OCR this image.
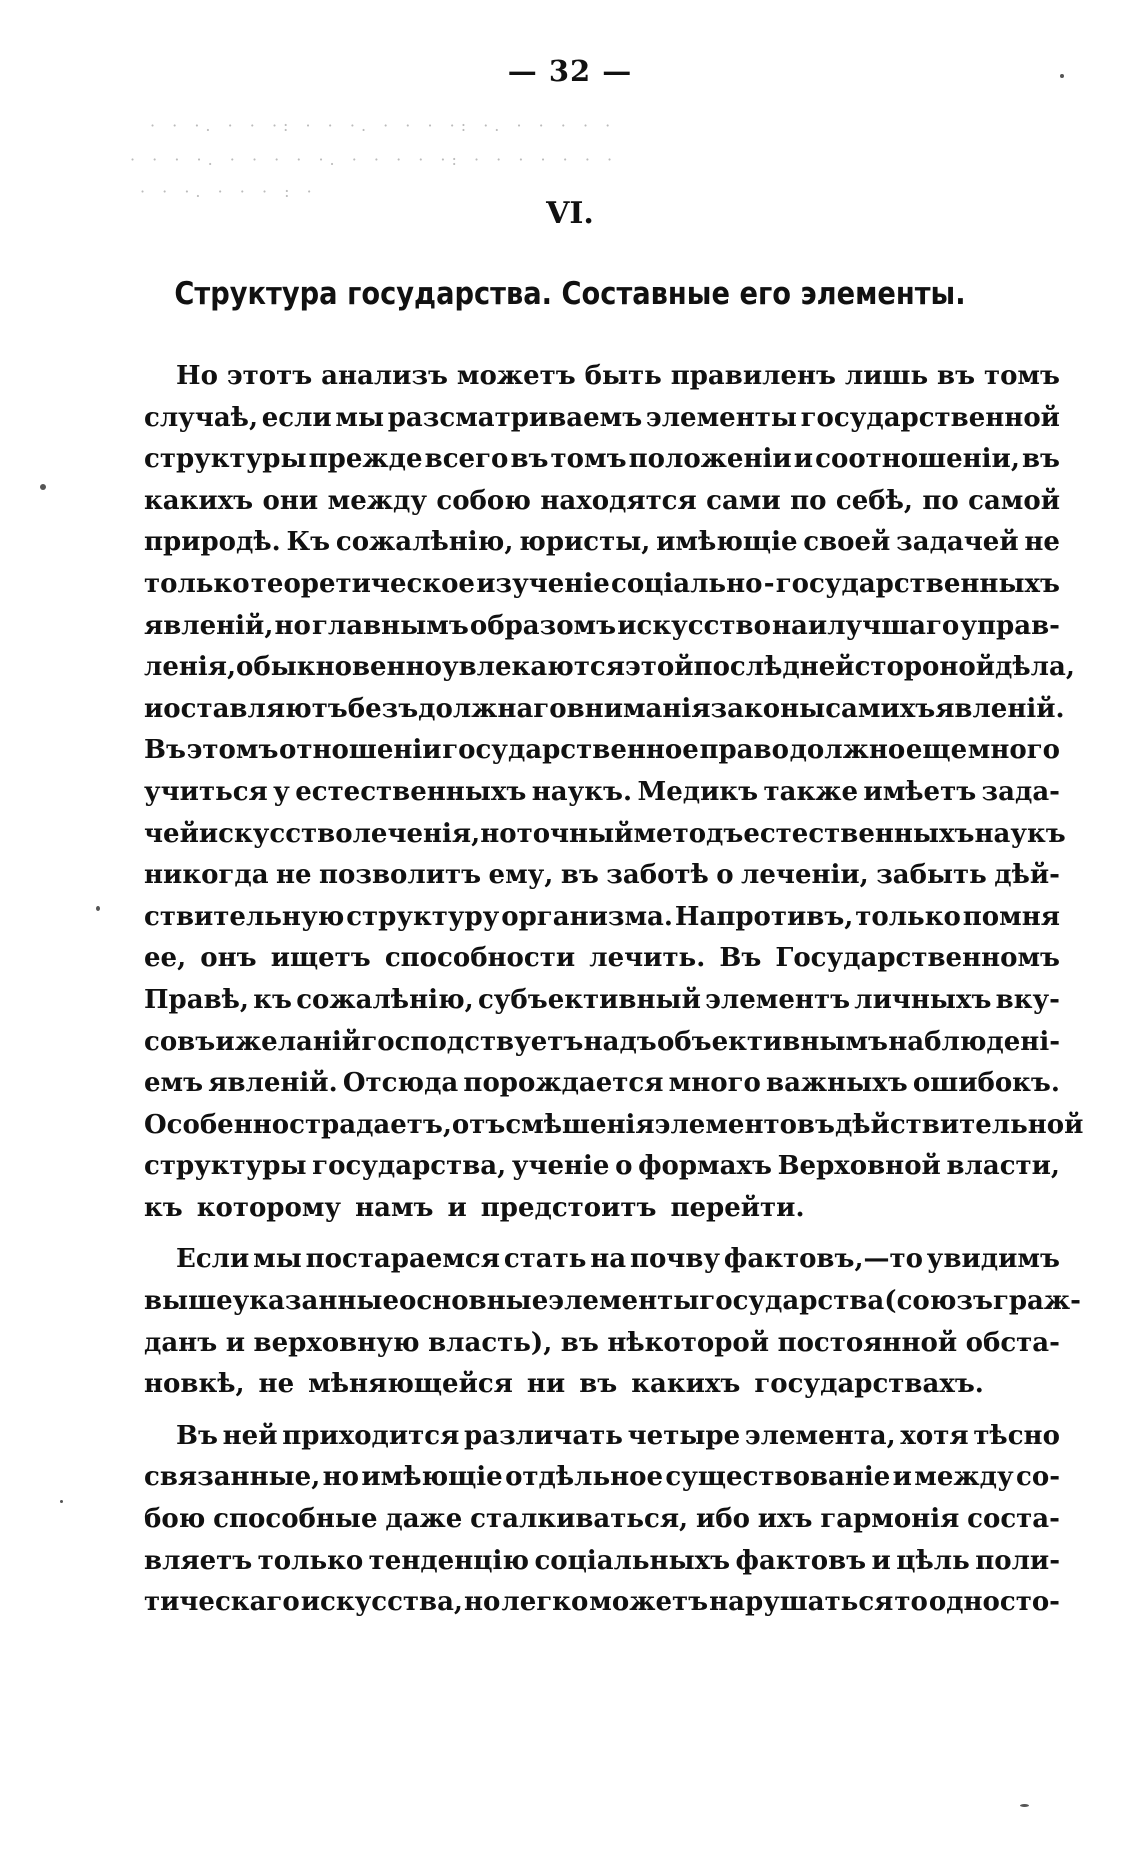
· · ·. · · ·: · · ·. · · · ·: ·. · · · · ·
· · · ·. · · · · ·. · · · · ·: · · · · · · ·
· · ·. · · · : ·
— 32 —
VI.
Структура государства. Составные его элементы.
Но этотъ анализъ можетъ быть правиленъ лишь въ томъ
случаѣ, если мы разсматриваемъ элементы государственной
структуры прежде всего въ томъ положеніи и соотношеніи, въ
какихъ они между собою находятся сами по себѣ, по самой
природѣ. Къ сожалѣнію, юристы, имѣющіе своей задачей не
только теоретическое изученіе соціально - государственныхъ
явленій, но главнымъ образомъ искусство наилучшаго управ-
ленія, обыкновенно увлекаются этой послѣдней стороной дѣла,
и оставляютъ безъ должнаго вниманія законы самихъ явленій.
Въ этомъ отношеніи государственное право должно еще много
учиться у естественныхъ наукъ. Медикъ также имѣетъ зада-
чей искусство леченія, но точный методъ естественныхъ наукъ
никогда не позволитъ ему, въ заботѣ о леченіи, забыть дѣй-
ствительную структуру организма. Напротивъ, только помня
ее, онъ ищетъ способности лечить. Въ Государственномъ
Правѣ, къ сожалѣнію, субъективный элементъ личныхъ вку-
совъ и желаній господствуетъ надъ объективнымъ наблюдені-
емъ явленій. Отсюда порождается много важныхъ ошибокъ.
Особенно страдаетъ, отъ смѣшенія элементовъ дѣйствительной
структуры государства, ученіе о формахъ Верховной власти,
къ которому намъ и предстоитъ перейти.
Если мы постараемся стать на почву фактовъ,—то увидимъ
вышеуказанные основные элементы государства (союзъ граж-
данъ и верховную власть), въ нѣкоторой постоянной обста-
новкѣ, не мѣняющейся ни въ какихъ государствахъ.
Въ ней приходится различать четыре элемента, хотя тѣсно
связанные, но имѣющіе отдѣльное существованіе и между со-
бою способные даже сталкиваться, ибо ихъ гармонія соста-
вляетъ только тенденцію соціальныхъ фактовъ и цѣль поли-
тическаго искусства, но легко можетъ нарушаться то односто-
